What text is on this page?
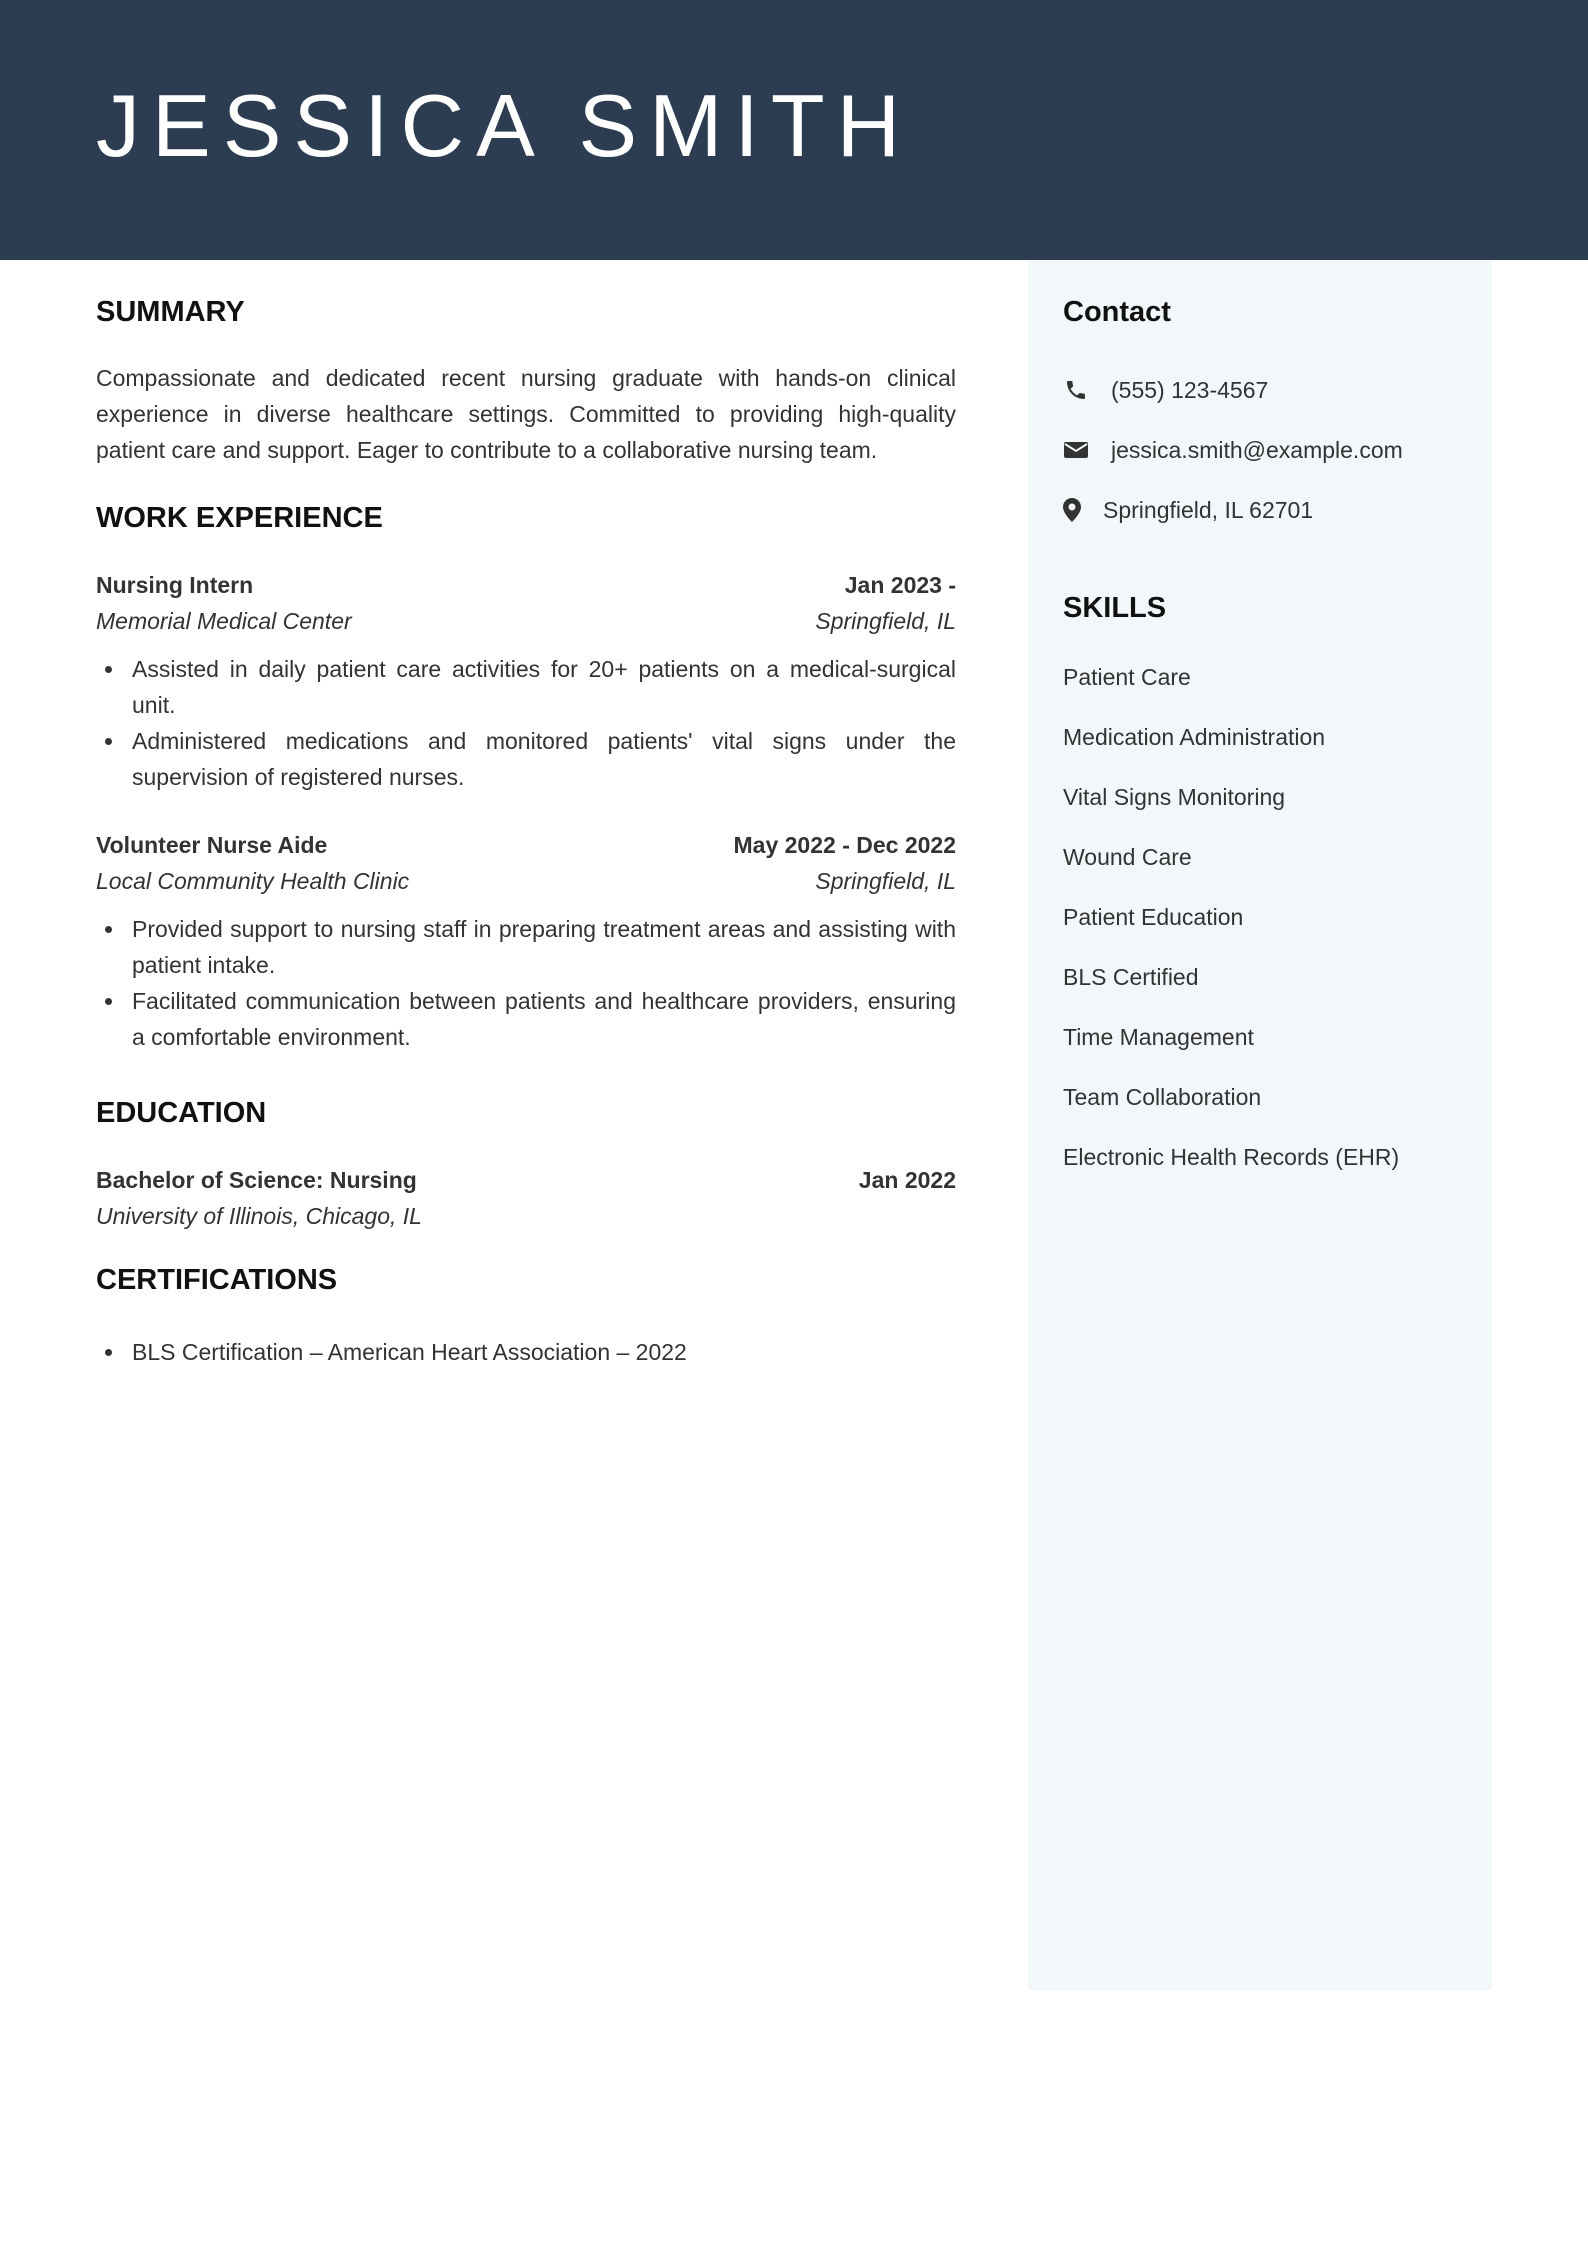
JESSICA SMITH
Contact
(555) 123-4567
jessica.smith@example.com
Springfield, IL 62701
SKILLS
Patient Care
Medication Administration
Vital Signs Monitoring
Wound Care
Patient Education
BLS Certified
Time Management
Team Collaboration
Electronic Health Records (EHR)
SUMMARY

Compassionate and dedicated recent nursing graduate with hands-on clinical experience in diverse healthcare settings. Committed to providing high-quality patient care and support. Eager to contribute to a collaborative nursing team.

WORK EXPERIENCE
Nursing Intern	Jan 2023 -
Memorial Medical Center	Springfield, IL
Assisted in daily patient care activities for 20+ patients on a medical-surgical unit.
Administered medications and monitored patients' vital signs under the supervision of registered nurses.
Volunteer Nurse Aide	May 2022 - Dec 2022
Local Community Health Clinic	Springfield, IL
Provided support to nursing staff in preparing treatment areas and assisting with patient intake.
Facilitated communication between patients and healthcare providers, ensuring a comfortable environment.
EDUCATION
Bachelor of Science: Nursing	Jan 2022
University of Illinois, Chicago, IL
CERTIFICATIONS
BLS Certification – American Heart Association – 2022
